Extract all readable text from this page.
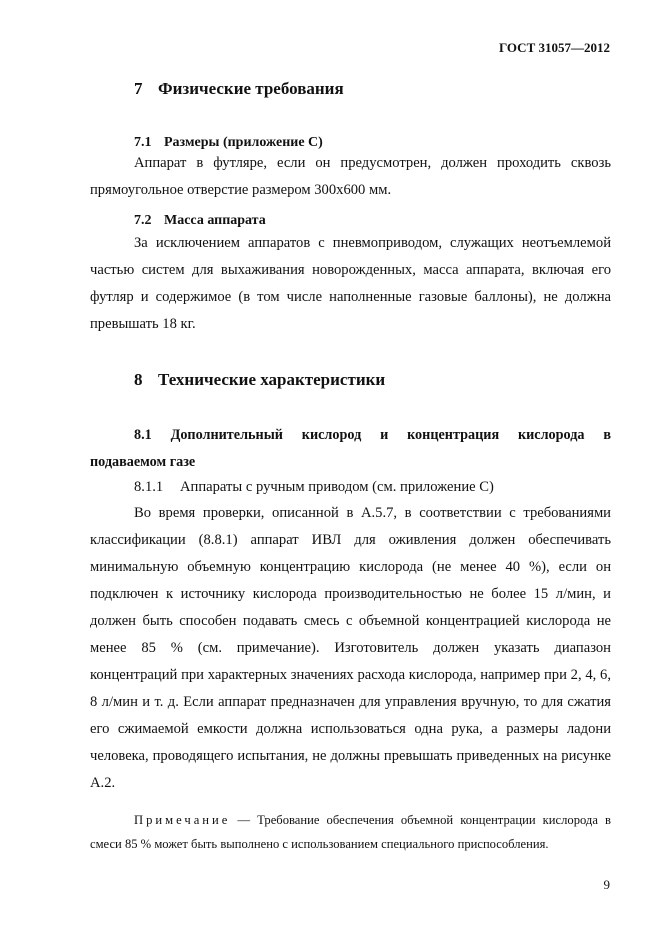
ГОСТ 31057—2012
7 Физические требования
7.1 Размеры (приложение С)
Аппарат в футляре, если он предусмотрен, должен проходить сквозь прямоугольное отверстие размером 300x600 мм.
7.2 Масса аппарата
За исключением аппаратов с пневмоприводом, служащих неотъемлемой частью систем для выхаживания новорожденных, масса аппарата, включая его футляр и содержимое (в том числе наполненные газовые баллоны), не должна превышать 18 кг.
8 Технические характеристики
8.1 Дополнительный кислород и концентрация кислорода в
подаваемом газе
8.1.1 Аппараты с ручным приводом (см. приложение С)
Во время проверки, описанной в А.5.7, в соответствии с требованиями классификации (8.8.1) аппарат ИВЛ для оживления должен обеспечивать минимальную объемную концентрацию кислорода (не менее 40 %), если он подключен к источнику кислорода производительностью не более 15 л/мин, и должен быть способен подавать смесь с объемной концентрацией кислорода не менее 85 % (см. примечание). Изготовитель должен указать диапазон концентраций при характерных значениях расхода кислорода, например при 2, 4, 6, 8 л/мин и т. д. Если аппарат предназначен для управления вручную, то для сжатия его сжимаемой емкости должна использоваться одна рука, а размеры ладони человека, проводящего испытания, не должны превышать приведенных на рисунке А.2.
Примечание — Требование обеспечения объемной концентрации кислорода в смеси 85 % может быть выполнено с использованием специального приспособления.
9
